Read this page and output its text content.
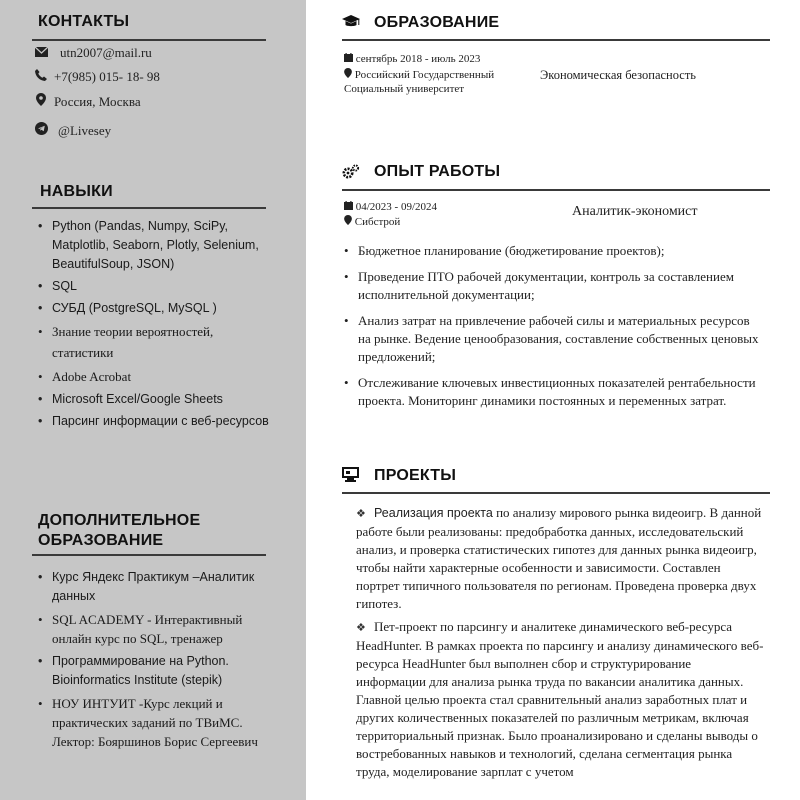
КОНТАКТЫ
utn2007@mail.ru
+7(985) 015- 18- 98
Россия, Москва
@Livesey
НАВЫКИ
• Python (Pandas, Numpy, SciPy, Matplotlib, Seaborn, Plotly, Selenium, BeautifulSoup, JSON)
• SQL
• СУБД (PostgreSQL, MySQL )
• Знание теории вероятностей, статистики
• Adobe Acrobat
• Microsoft Excel/Google Sheets
• Парсинг информации с веб-ресурсов
ДОПОЛНИТЕЛЬНОЕ
ОБРАЗОВАНИЕ
• Курс Яндекс Практикум –Аналитик данных
• SQL ACADEMY - Интерактивный онлайн курс по SQL, тренажер
• Программирование на Python. Bioinformatics Institute (stepik)
• НОУ ИНТУИТ -Курс лекций и практических заданий по ТВиМС. Лектор: Бояршинов Борис Сергеевич
ОБРАЗОВАНИЕ
сентябрь 2018 - июль 2023
Российский Государственный
Социальный университет
Экономическая безопасность
ОПЫТ РАБОТЫ
04/2023 - 09/2024
Сибстрой
Аналитик-экономист
• Бюджетное планирование (бюджетирование проектов);
• Проведение ПТО рабочей документации, контроль за составлением исполнительной документации;
• Анализ затрат на привлечение рабочей силы и материальных ресурсов на рынке. Ведение ценообразования, составление собственных ценовых предложений;
• Отслеживание ключевых инвестиционных показателей рентабельности проекта. Мониторинг динамики постоянных и переменных затрат.
ПРОЕКТЫ

❖ Реализация проекта по анализу мирового рынка видеоигр. В данной работе были реализованы: предобработка данных, исследовательский анализ, и проверка статистических гипотез для данных рынка видеоигр, чтобы найти характерные особенности и зависимости. Составлен портрет типичного пользователя по регионам. Проведена проверка двух гипотез.

❖ Пет-проект по парсингу и аналитеке динамического веб-ресурса HeadHunter. В рамках проекта по парсингу и анализу динамического веб-ресурса HeadHunter был выполнен сбор и структурирование информации для анализа рынка труда по вакансии аналитика данных. Главной целью проекта стал сравнительный анализ заработных плат и других количественных показателей по различным метрикам, включая территориальный признак. Было проанализировано и сделаны выводы о востребованных навыков и технологий, сделана сегментация рынка труда, моделирование зарплат с учетом
